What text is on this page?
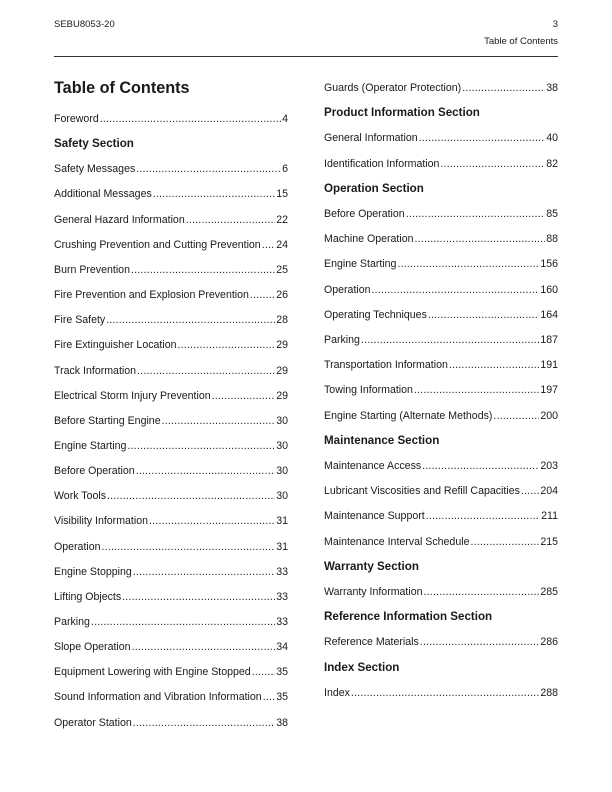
SEBU8053-20	3
Table of Contents
Table of Contents
Foreword .....	4
Safety Section
Safety Messages .....	6
Additional Messages .....	15
General Hazard Information .....	22
Crushing Prevention and Cutting Prevention ..... 24
Burn Prevention .....	25
Fire Prevention and Explosion Prevention .....	26
Fire Safety .....	28
Fire Extinguisher Location .....	29
Track Information .....	29
Electrical Storm Injury Prevention .....	29
Before Starting Engine .....	30
Engine Starting .....	30
Before Operation .....	30
Work Tools .....	30
Visibility Information .....	31
Operation .....	31
Engine Stopping .....	33
Lifting Objects .....	33
Parking .....	33
Slope Operation .....	34
Equipment Lowering with Engine Stopped ..... 35
Sound Information and Vibration Information ..... 35
Operator Station .....	38
Guards (Operator Protection) .....	38
Product Information Section
General Information .....	40
Identification Information .....	82
Operation Section
Before Operation .....	85
Machine Operation .....	88
Engine Starting .....	156
Operation .....	160
Operating Techniques .....	164
Parking .....	187
Transportation Information .....	191
Towing Information .....	197
Engine Starting (Alternate Methods) .....	200
Maintenance Section
Maintenance Access .....	203
Lubricant Viscosities and Refill Capacities ..... 204
Maintenance Support .....	211
Maintenance Interval Schedule .....	215
Warranty Section
Warranty Information .....	285
Reference Information Section
Reference Materials .....	286
Index Section
Index .....	288
